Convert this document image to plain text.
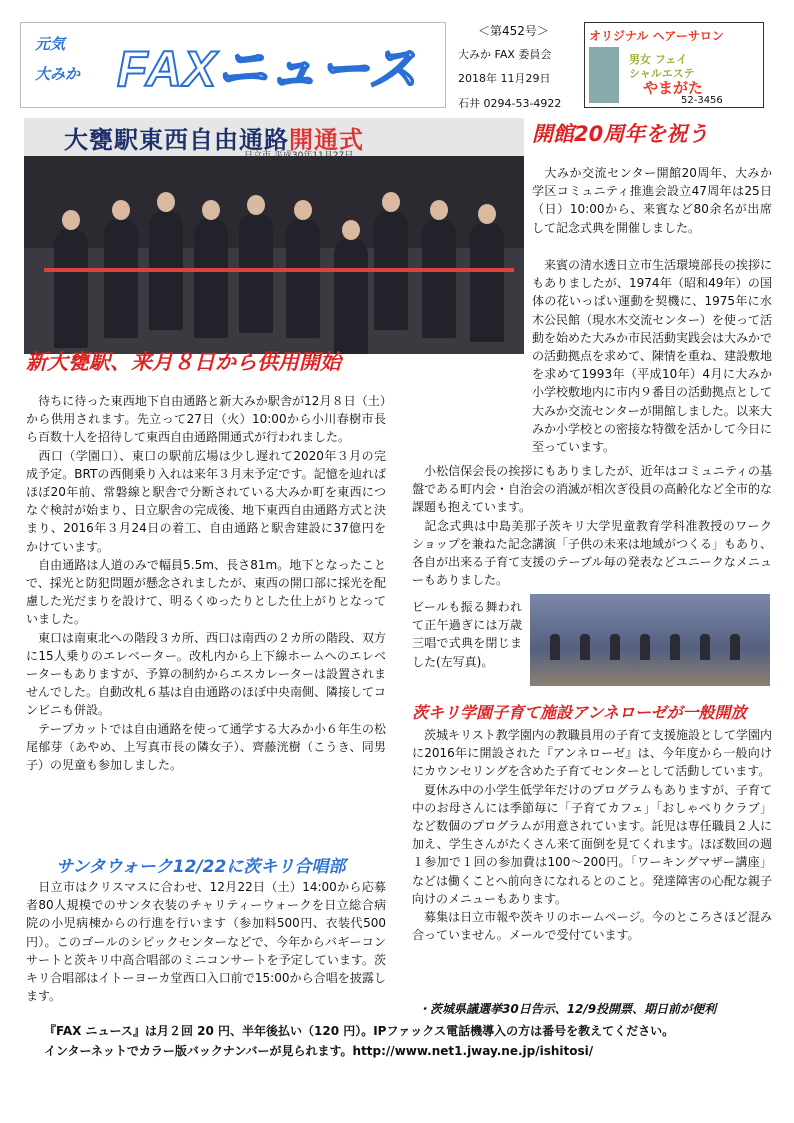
元気
大みか FAXニュース
＜第452号＞
大みか FAX 委員会
2018年 11月29日
石井 0294-53-4922
オリジナル ヘアーサロン
男女 フェイ
シャルエステ
やまがた
52-3456
大甕駅東西自由通路開通式
日立市 平成30年11月27日
開館20周年を祝う

　大みか交流センター開館20周年、大みか学区コミュニティ推進会設立47周年は25日（日）10:00から、来賓など80余名が出席して記念式典を開催しました。

　来賓の清水透日立市生活環境部長の挨拶にもありましたが、1974年（昭和49年）の国体の花いっぱい運動を契機に、1975年に水木公民館（現水木交流センター）を使って活動を始めた大みか市民活動実践会は大みかでの活動拠点を求めて、陳情を重ね、建設敷地を求めて1993年（平成10年）4月に大みか小学校敷地内に市内９番目の活動拠点として大みか交流センターが開館しました。以来大みか小学校との密接な特徴を活かして今日に至っています。

新大甕駅、来月８日から供用開始

　待ちに待った東西地下自由通路と新大みか駅舎が12月８日（土）から供用されます。先立って27日（火）10:00から小川春樹市長ら百数十人を招待して東西自由通路開通式が行われました。

　西口（学園口）、東口の駅前広場は少し遅れて2020年３月の完成予定。BRTの西側乗り入れは来年３月末予定です。記憶を辿ればほぼ20年前、常磐線と駅舎で分断されている大みか町を東西につなぐ検討が始まり、日立駅舎の完成後、地下東西自由通路方式と決まり、2016年３月24日の着工、自由通路と駅舎建設に37億円をかけています。

　自由通路は人道のみで幅員5.5m、長さ81m。地下となったことで、採光と防犯問題が懸念されましたが、東西の開口部に採光を配慮した光だまりを設けて、明るくゆったりとした仕上がりとなっていました。

　東口は南東北への階段３カ所、西口は南西の２カ所の階段、双方に15人乗りのエレベーター。改札内から上下線ホームへのエレベーターもありますが、予算の制約からエスカレーターは設置されませんでした。自動改札６基は自由通路のほぼ中央南側、隣接してコンビニも併設。

　テープカットでは自由通路を使って通学する大みか小６年生の松尾郁芽（あやめ、上写真市長の隣女子）、齊藤洸樹（こうき、同男子）の児童も参加しました。

　小松信保会長の挨拶にもありましたが、近年はコミュニティの基盤である町内会・自治会の消滅が相次ぎ役員の高齢化など全市的な課題も抱えています。

　記念式典は中島美那子茨キリ大学児童教育学科准教授のワークショップを兼ねた記念講演「子供の未来は地域がつくる」もあり、各自が出来る子育て支援のテーブル毎の発表などユニークなメニューもありました。

ビールも振る舞われて正午過ぎには万歳三唱で式典を閉じました(左写真)。

茨キリ学園子育て施設アンネローゼが一般開放

　茨城キリスト教学園内の教職員用の子育て支援施設として学園内に2016年に開設された『アンネローゼ』は、今年度から一般向けにカウンセリングを含めた子育てセンターとして活動しています。

　夏休み中の小学生低学年だけのプログラムもありますが、子育て中のお母さんには季節毎に「子育てカフェ」「おしゃべりクラブ」など数個のプログラムが用意されています。託児は専任職員２人に加え、学生さんがたくさん来て面倒を見てくれます。ほぼ数回の週１参加で１回の参加費は100～200円。「ワーキングマザー講座」などは働くことへ前向きになれるとのこと。発達障害の心配な親子向けのメニューもあります。

　募集は日立市報や茨キリのホームページ。今のところさほど混み合っていません。メールで受付ています。

サンタウォーク12/22に茨キリ合唱部

　日立市はクリスマスに合わせ、12月22日（土）14:00から応募者80人規模でのサンタ衣装のチャリティーウォークを日立総合病院の小児病棟からの行進を行います（参加料500円、衣装代500円）。このゴールのシビックセンターなどで、今年からバギーコンサートと茨キリ中高合唱部のミニコンサートを予定しています。茨キリ合唱部はイトーヨーカ堂西口入口前で15:00から合唱を披露します。

・茨城県議選挙30日告示、12/9投開票、期日前が便利
『FAX ニュース』は月２回 20 円、半年後払い（120 円）。IPファックス電話機導入の方は番号を教えてください。
インターネットでカラー版バックナンバーが見られます。http://www.net1.jway.ne.jp/ishitosi/
